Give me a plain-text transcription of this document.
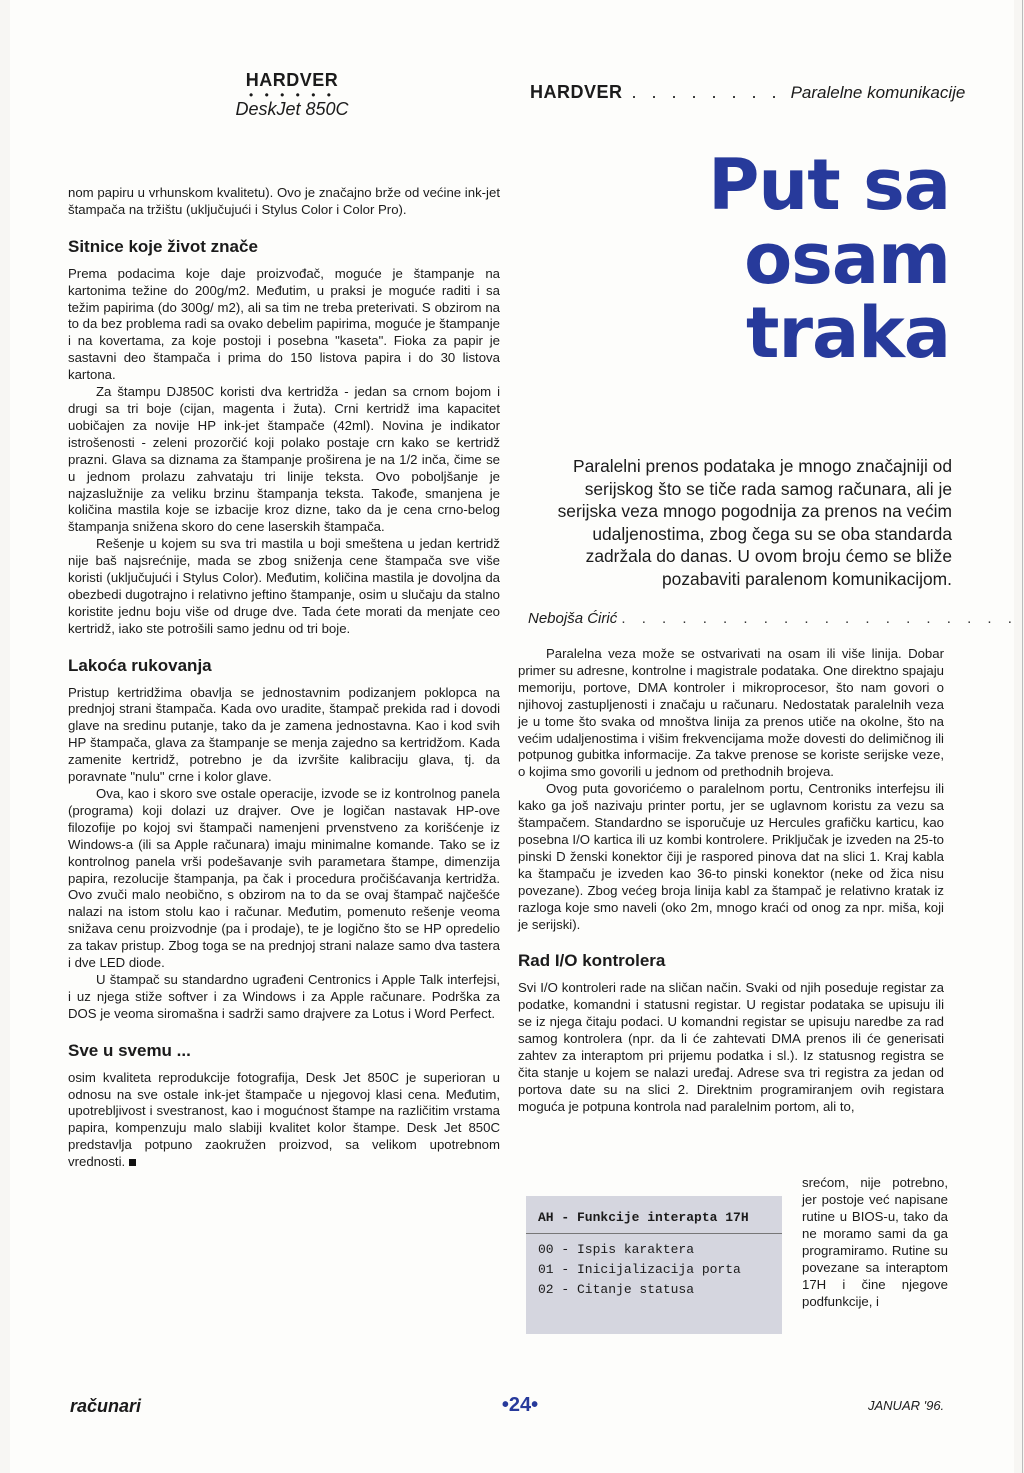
HARDVER
• • • • • •
DeskJet 850C
HARDVER . . . . . . . . Paralelne komunikacije

nom papiru u vrhunskom kvalitetu). Ovo je značajno brže od većine ink-jet štampača na tržištu (uključujući i Stylus Color i Color Pro).

Sitnice koje život znače

Prema podacima koje daje proizvođač, moguće je štampanje na kartonima težine do 200g/m2. Međutim, u praksi je moguće raditi i sa težim papirima (do 300g/ m2), ali sa tim ne treba preterivati. S obzirom na to da bez problema radi sa ovako debelim papirima, moguće je štampanje i na kovertama, za koje postoji i posebna "kaseta". Fioka za papir je sastavni deo štampača i prima do 150 listova papira i do 30 listova kartona.

Za štampu DJ850C koristi dva kertridža - jedan sa crnom bojom i drugi sa tri boje (cijan, magenta i žuta). Crni kertridž ima kapacitet uobičajen za novije HP ink-jet štampače (42ml). Novina je indikator istrošenosti - zeleni prozorčić koji polako postaje crn kako se kertridž prazni. Glava sa diznama za štampanje proširena je na 1/2 inča, čime se u jednom prolazu zahvataju tri linije teksta. Ovo poboljšanje je najzaslužnije za veliku brzinu štampanja teksta. Takođe, smanjena je količina mastila koje se izbacije kroz dizne, tako da je cena crno-belog štampanja snižena skoro do cene laserskih štampača.

Rešenje u kojem su sva tri mastila u boji smeštena u jedan kertridž nije baš najsrećnije, mada se zbog sniženja cene štampača sve više koristi (uključujući i Stylus Color). Međutim, količina mastila je dovoljna da obezbedi dugotrajno i relativno jeftino štampanje, osim u slučaju da stalno koristite jednu boju više od druge dve. Tada ćete morati da menjate ceo kertridž, iako ste potrošili samo jednu od tri boje.

Lakoća rukovanja

Pristup kertridžima obavlja se jednostavnim podizanjem poklopca na prednjoj strani štampača. Kada ovo uradite, štampač prekida rad i dovodi glave na sredinu putanje, tako da je zamena jednostavna. Kao i kod svih HP štampača, glava za štampanje se menja zajedno sa kertridžom. Kada zamenite kertridž, potrebno je da izvršite kalibraciju glava, tj. da poravnate "nulu" crne i kolor glave.

Ova, kao i skoro sve ostale operacije, izvode se iz kontrolnog panela (programa) koji dolazi uz drajver. Ove je logičan nastavak HP-ove filozofije po kojoj svi štampači namenjeni prvenstveno za korišćenje iz Windows-a (ili sa Apple računara) imaju minimalne komande. Tako se iz kontrolnog panela vrši podešavanje svih parametara štampe, dimenzija papira, rezolucije štampanja, pa čak i procedura pročišćavanja kertridža. Ovo zvuči malo neobično, s obzirom na to da se ovaj štampač najčešće nalazi na istom stolu kao i računar. Međutim, pomenuto rešenje veoma snižava cenu proizvodnje (pa i prodaje), te je logično što se HP opredelio za takav pristup. Zbog toga se na prednjoj strani nalaze samo dva tastera i dve LED diode.

U štampač su standardno ugrađeni Centronics i Apple Talk interfejsi, i uz njega stiže softver i za Windows i za Apple računare. Podrška za DOS je veoma siromašna i sadrži samo drajvere za Lotus i Word Perfect.

Sve u svemu ...

osim kvaliteta reprodukcije fotografija, Desk Jet 850C je superioran u odnosu na sve ostale ink-jet štampače u njegovoj klasi cena. Međutim, upotrebljivost i svestranost, kao i mogućnost štampe na različitim vrstama papira, kompenzuju malo slabiji kvalitet kolor štampe. Desk Jet 850C predstavlja potpuno zaokružen proizvod, sa velikom upotrebnom vrednosti.

Put sa
osam
traka
Paralelni prenos podataka je mnogo značajniji od serijskog što se tiče rada samog računara, ali je serijska veza mnogo pogodnija za prenos na većim udaljenostima, zbog čega su se oba standarda zadržala do danas. U ovom broju ćemo se bliže pozabaviti paralenom komunikacijom.
Nebojša Ćirić . . . . . . . . . . . . . . . . . . . .

Paralelna veza može se ostvarivati na osam ili više linija. Dobar primer su adresne, kontrolne i magistrale podataka. One direktno spajaju memoriju, portove, DMA kontroler i mikroprocesor, što nam govori o njihovoj zastupljenosti i značaju u računaru. Nedostatak paralelnih veza je u tome što svaka od mnoštva linija za prenos utiče na okolne, što na većim udaljenostima i višim frekvencijama može dovesti do delimičnog ili potpunog gubitka informacije. Za takve prenose se koriste serijske veze, o kojima smo govorili u jednom od prethodnih brojeva.

Ovog puta govorićemo o paralelnom portu, Centroniks interfejsu ili kako ga još nazivaju printer portu, jer se uglavnom koristu za vezu sa štampačem. Standardno se isporučuje uz Hercules grafičku karticu, kao posebna I/O kartica ili uz kombi kontrolere. Priključak je izveden na 25-to pinski D ženski konektor čiji je raspored pinova dat na slici 1. Kraj kabla ka štampaču je izveden kao 36-to pinski konektor (neke od žica nisu povezane). Zbog većeg broja linija kabl za štampač je relativno kratak iz razloga koje smo naveli (oko 2m, mnogo kraći od onog za npr. miša, koji je serijski).

Rad I/O kontrolera

Svi I/O kontroleri rade na sličan način. Svaki od njih poseduje registar za podatke, komandni i statusni registar. U registar podataka se upisuju ili se iz njega čitaju podaci. U komandni registar se upisuju naredbe za rad samog kontrolera (npr. da li će zahtevati DMA prenos ili će generisati zahtev za interaptom pri prijemu podatka i sl.). Iz statusnog registra se čita stanje u kojem se nalazi uređaj. Adrese sva tri registra za jedan od portova date su na slici 2. Direktnim programiranjem ovih registara moguća je potpuna kontrola nad paralelnim portom, ali to,

AH - Funkcije interapta 17H
00 - Ispis karaktera
01 - Inicijalizacija porta
02 - Citanje statusa

srećom, nije potrebno, jer postoje već napisane rutine u BIOS-u, tako da ne moramo sami da ga programiramo. Rutine su povezane sa interaptom 17H i čine njegove podfunkcije, i

računari	•24•	JANUAR '96.
